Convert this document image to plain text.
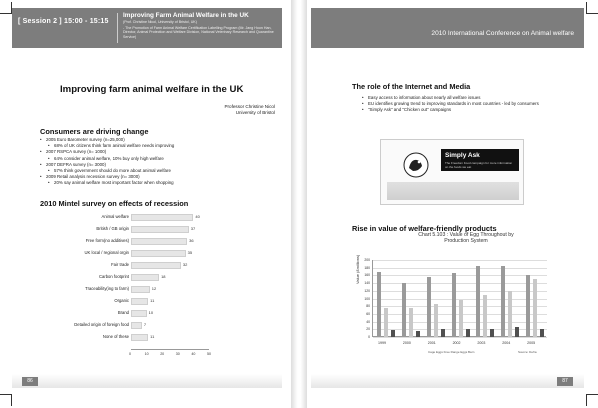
[ Session 2 ] 15:00 - 15:15
Improving Farm Animal Welfare in the UK
(Prof. Christine Nicol, University of Bristol, UK)
- The Promotion of Farm Animal Welfare Certification Labelling Program (Mr. Jang Hoon Han, Director, Animal Protection and Welfare Division, National Veterinary Research and Quarantine Service)	2010 International Conference on Animal welfare
Improving farm animal welfare in the UK
Professor Christine Nicol
University of Bristol
Consumers are driving change
• 2005 Euro Barometer survey (n=25,000)
• 68% of UK citizens think farm animal welfare needs improving
• 2007 RSPCA survey (n= 1000)
• 64% consider animal welfare, 10% buy only high welfare
• 2007 DEFRA survey (n= 3000)
• 57% think government should do more about animal welfare
• 2009 Retail analysis recession survey (n= 3000)
• 20% say animal welfare most important factor when shopping
2010 Mintel survey on effects of recession
Animal welfare	40
British / GB origin	37
Free form(no additives)	36
UK local / regional orgin	35
Fair trade	32
Carbon footprint	18
Traceability(ing to farm)	12
Organic	11
Brand	10
Detailed origin of foreign food	7
None of these	11
0	10	20	30	40	50
86
The role of the Internet and Media
• Easy access to information about nearly all welfare issues
• EU identifies growing trend to improving standards in most countries - led by consumers
• "Simply Ask" and "Chicken out" campaigns
Simply Ask
The Freedom Food campaign for more information on the foods we eat
Rise in value of welfare-friendly products
Chart 5.103 : Value of Egg Throughout by Production System
Value (£millions)
Cage Eggs Free Range Eggs Barn	Source: Defra
0
20
40
60
80
100
120
140
160
180
200
1999	2000	2001	2002	2003	2004	2005
87
